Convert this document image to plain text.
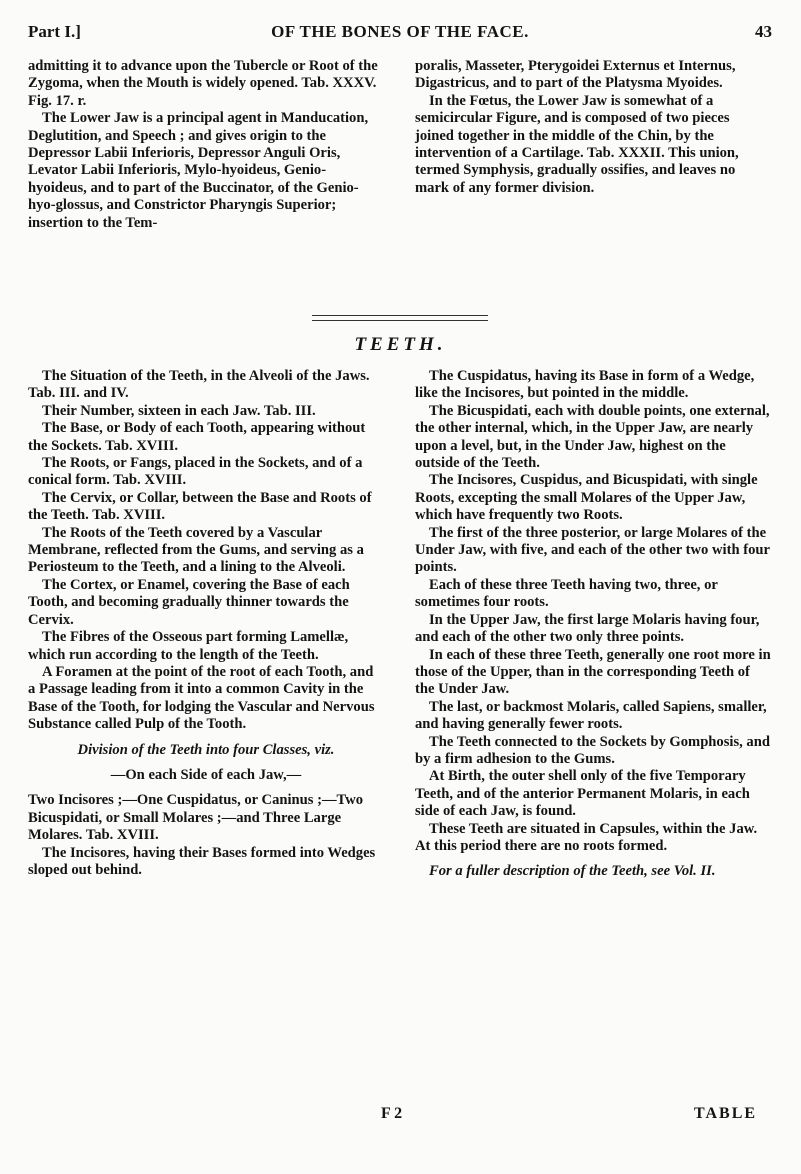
Part I.]	OF THE BONES OF THE FACE.	43

admitting it to advance upon the Tubercle or Root of the Zygoma, when the Mouth is widely opened. Tab. XXXV. Fig. 17. r.

The Lower Jaw is a principal agent in Manducation, Deglutition, and Speech ; and gives origin to the Depressor Labii Inferioris, Depressor Anguli Oris, Levator Labii Inferioris, Mylo-hyoideus, Genio-hyoideus, and to part of the Buccinator, of the Genio-hyo-glossus, and Constrictor Pharyngis Superior; insertion to the Tem-

poralis, Masseter, Pterygoidei Externus et Internus, Digastricus, and to part of the Platysma Myoides.

In the Fœtus, the Lower Jaw is somewhat of a semicircular Figure, and is composed of two pieces joined together in the middle of the Chin, by the intervention of a Cartilage. Tab. XXXII. This union, termed Symphysis, gradually ossifies, and leaves no mark of any former division.

TEETH.

The Situation of the Teeth, in the Alveoli of the Jaws. Tab. III. and IV.

Their Number, sixteen in each Jaw. Tab. III.

The Base, or Body of each Tooth, appearing without the Sockets. Tab. XVIII.

The Roots, or Fangs, placed in the Sockets, and of a conical form. Tab. XVIII.

The Cervix, or Collar, between the Base and Roots of the Teeth. Tab. XVIII.

The Roots of the Teeth covered by a Vascular Membrane, reflected from the Gums, and serving as a Periosteum to the Teeth, and a lining to the Alveoli.

The Cortex, or Enamel, covering the Base of each Tooth, and becoming gradually thinner towards the Cervix.

The Fibres of the Osseous part forming Lamellæ, which run according to the length of the Teeth.

A Foramen at the point of the root of each Tooth, and a Passage leading from it into a common Cavity in the Base of the Tooth, for lodging the Vascular and Nervous Substance called Pulp of the Tooth.

Division of the Teeth into four Classes, viz.

—On each Side of each Jaw,—

Two Incisores ;—One Cuspidatus, or Caninus ;—Two Bicuspidati, or Small Molares ;—and Three Large Molares. Tab. XVIII.

The Incisores, having their Bases formed into Wedges sloped out behind.

The Cuspidatus, having its Base in form of a Wedge, like the Incisores, but pointed in the middle.

The Bicuspidati, each with double points, one external, the other internal, which, in the Upper Jaw, are nearly upon a level, but, in the Under Jaw, highest on the outside of the Teeth.

The Incisores, Cuspidus, and Bicuspidati, with single Roots, excepting the small Molares of the Upper Jaw, which have frequently two Roots.

The first of the three posterior, or large Molares of the Under Jaw, with five, and each of the other two with four points.

Each of these three Teeth having two, three, or sometimes four roots.

In the Upper Jaw, the first large Molaris having four, and each of the other two only three points.

In each of these three Teeth, generally one root more in those of the Upper, than in the corresponding Teeth of the Under Jaw.

The last, or backmost Molaris, called Sapiens, smaller, and having generally fewer roots.

The Teeth connected to the Sockets by Gomphosis, and by a firm adhesion to the Gums.

At Birth, the outer shell only of the five Temporary Teeth, and of the anterior Permanent Molaris, in each side of each Jaw, is found.

These Teeth are situated in Capsules, within the Jaw. At this period there are no roots formed.

For a fuller description of the Teeth, see Vol. II.

F 2	TABLE
